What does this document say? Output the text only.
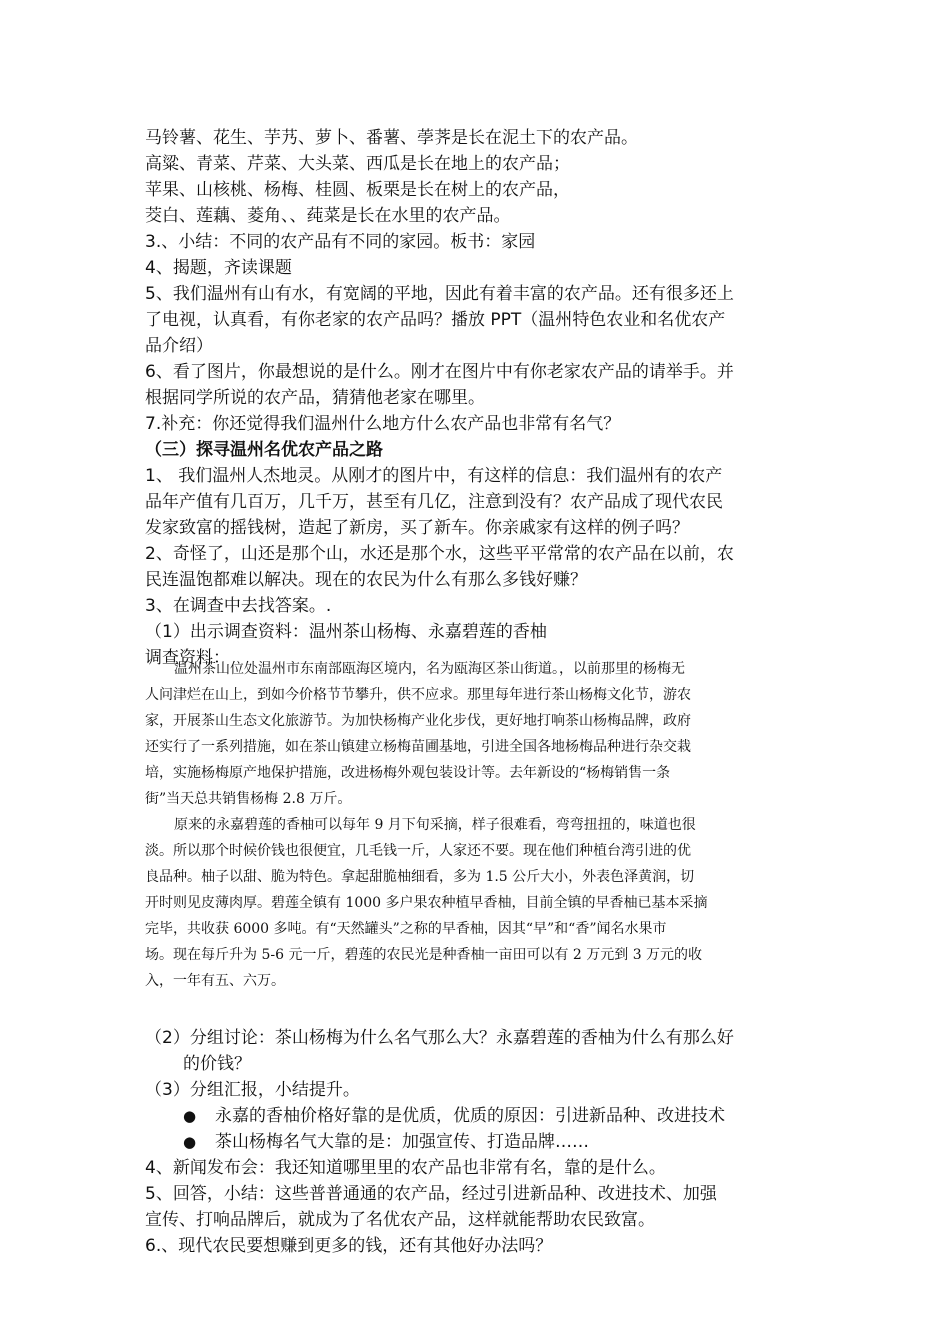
马铃薯、花生、芋艿、萝卜、番薯、荸荠是长在泥土下的农产品。
高粱、青菜、芹菜、大头菜、西瓜是长在地上的农产品；
苹果、山核桃、杨梅、桂圆、板栗是长在树上的农产品，
茭白、莲藕、菱角、、莼菜是长在水里的农产品。
3.、小结：不同的农产品有不同的家园。板书：家园
4、揭题，齐读课题
5、我们温州有山有水，有宽阔的平地，因此有着丰富的农产品。还有很多还上
了电视，认真看，有你老家的农产品吗？播放 PPT（温州特色农业和名优农产
品介绍）
6、看了图片，你最想说的是什么。刚才在图片中有你老家农产品的请举手。并
根据同学所说的农产品，猜猜他老家在哪里。
7.补充：你还觉得我们温州什么地方什么农产品也非常有名气？
（三）探寻温州名优农产品之路
1、 我们温州人杰地灵。从刚才的图片中，有这样的信息：我们温州有的农产
品年产值有几百万，几千万，甚至有几亿，注意到没有？农产品成了现代农民
发家致富的摇钱树，造起了新房，买了新车。你亲戚家有这样的例子吗？
2、奇怪了，山还是那个山，水还是那个水，这些平平常常的农产品在以前，农
民连温饱都难以解决。现在的农民为什么有那么多钱好赚？
3、在调查中去找答案。.
（1）出示调查资料：温州茶山杨梅、永嘉碧莲的香柚
调查资料：
温州茶山位处温州市东南部瓯海区境内，名为瓯海区茶山街道。，以前那里的杨梅无
人问津烂在山上，到如今价格节节攀升，供不应求。那里每年进行茶山杨梅文化节，游农
家，开展茶山生态文化旅游节。为加快杨梅产业化步伐，更好地打响茶山杨梅品牌，政府
还实行了一系列措施，如在茶山镇建立杨梅苗圃基地，引进全国各地杨梅品种进行杂交栽
培，实施杨梅原产地保护措施，改进杨梅外观包装设计等。去年新设的“杨梅销售一条
街”当天总共销售杨梅 2.8 万斤。
原来的永嘉碧莲的香柚可以每年 9 月下旬采摘，样子很难看，弯弯扭扭的，味道也很
淡。所以那个时候价钱也很便宜，几毛钱一斤，人家还不要。现在他们种植台湾引进的优
良品种。柚子以甜、脆为特色。拿起甜脆柚细看，多为 1.5 公斤大小，外表色泽黄润，切
开时则见皮薄肉厚。碧莲全镇有 1000 多户果农种植早香柚，目前全镇的早香柚已基本采摘
完毕，共收获 6000 多吨。有“天然罐头”之称的早香柚，因其“早”和“香”闻名水果市
场。现在每斤升为 5-6 元一斤，碧莲的农民光是种香柚一亩田可以有 2 万元到 3 万元的收
入，一年有五、六万。
（2）分组讨论：茶山杨梅为什么名气那么大？永嘉碧莲的香柚为什么有那么好
的价钱？
（3）分组汇报，小结提升。
● 永嘉的香柚价格好靠的是优质，优质的原因：引进新品种、改进技术
● 茶山杨梅名气大靠的是：加强宣传、打造品牌……
4、新闻发布会：我还知道哪里里的农产品也非常有名，靠的是什么。
5、回答，小结：这些普普通通的农产品，经过引进新品种、改进技术、加强
宣传、打响品牌后，就成为了名优农产品，这样就能帮助农民致富。
6.、现代农民要想赚到更多的钱，还有其他好办法吗？
